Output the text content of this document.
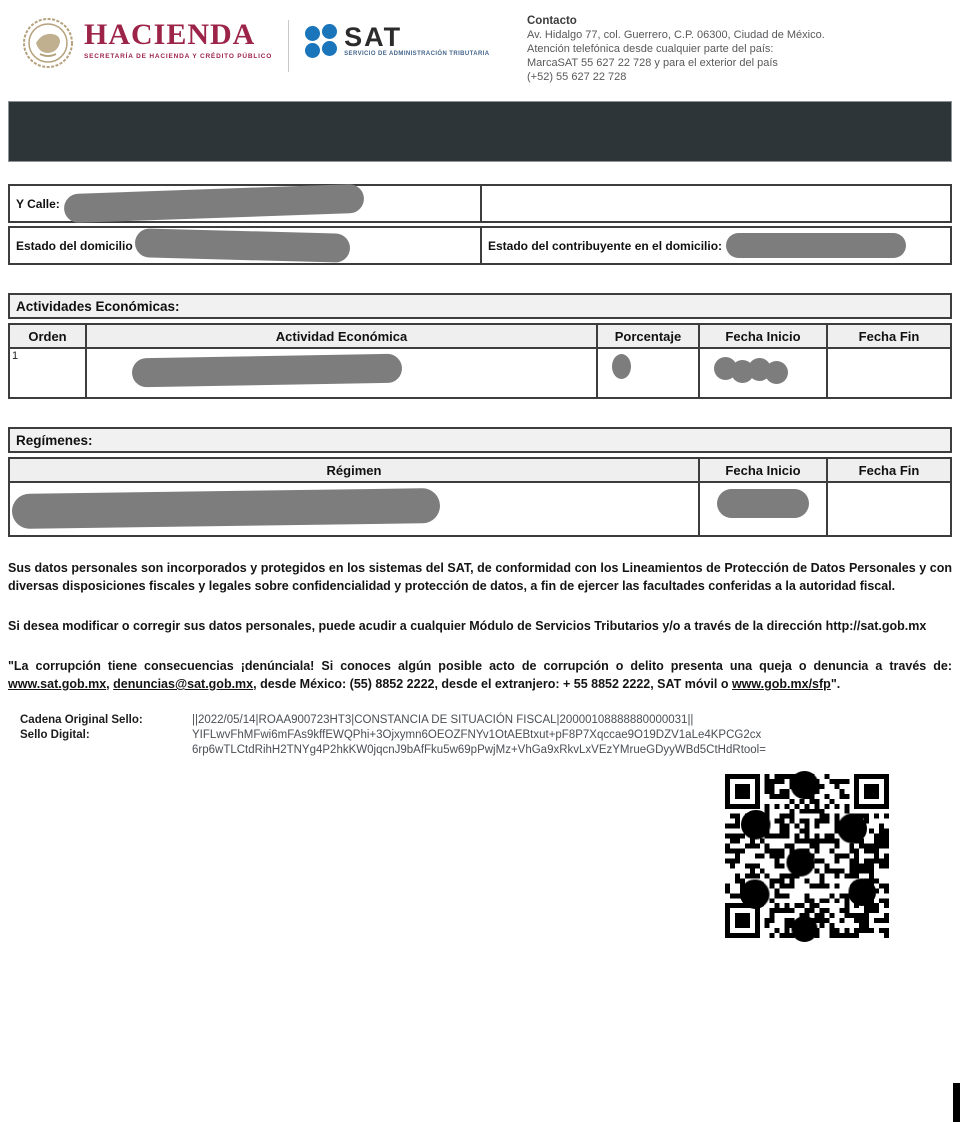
HACIENDA
SECRETARÍA DE HACIENDA Y CRÉDITO PÚBLICO
SAT
SERVICIO DE ADMINISTRACIÓN TRIBUTARIA
Contacto
Av. Hidalgo 77, col. Guerrero, C.P. 06300, Ciudad de México.
Atención telefónica desde cualquier parte del país:
MarcaSAT 55 627 22 728 y para el exterior del país
(+52) 55 627 22 728
Y Calle:
Estado del domicilio	Estado del contribuyente en el domicilio:
Actividades Económicas:
Orden	Actividad Económica	Porcentaje	Fecha Inicio	Fecha Fin
1
Regímenes:
Régimen	Fecha Inicio	Fecha Fin

Sus datos personales son incorporados y protegidos en los sistemas del SAT, de conformidad con los Lineamientos de Protección de Datos Personales y con diversas disposiciones fiscales y legales sobre confidencialidad y protección de datos, a fin de ejercer las facultades conferidas a la autoridad fiscal.

Si desea modificar o corregir sus datos personales, puede acudir a cualquier Módulo de Servicios Tributarios y/o a través de la dirección http://sat.gob.mx

"La corrupción tiene consecuencias ¡denúnciala! Si conoces algún posible acto de corrupción o delito presenta una queja o denuncia a través de: www.sat.gob.mx, denuncias@sat.gob.mx, desde México: (55) 8852 2222, desde el extranjero: + 55 8852 2222, SAT móvil o www.gob.mx/sfp".

Cadena Original Sello:	||2022/05/14|ROAA900723HT3|CONSTANCIA DE SITUACIÓN FISCAL|20000108888880000031||
Sello Digital:	YIFLwvFhMFwi6mFAs9kffEWQPhi+3Ojxymn6OEOZFNYv1OtAEBtxut+pF8P7Xqccae9O19DZV1aLe4KPCG2cx
6rp6wTLCtdRihH2TNYg4P2hkKW0jqcnJ9bAfFku5w69pPwjMz+VhGa9xRkvLxVEzYMrueGDyyWBd5CtHdRtool=
